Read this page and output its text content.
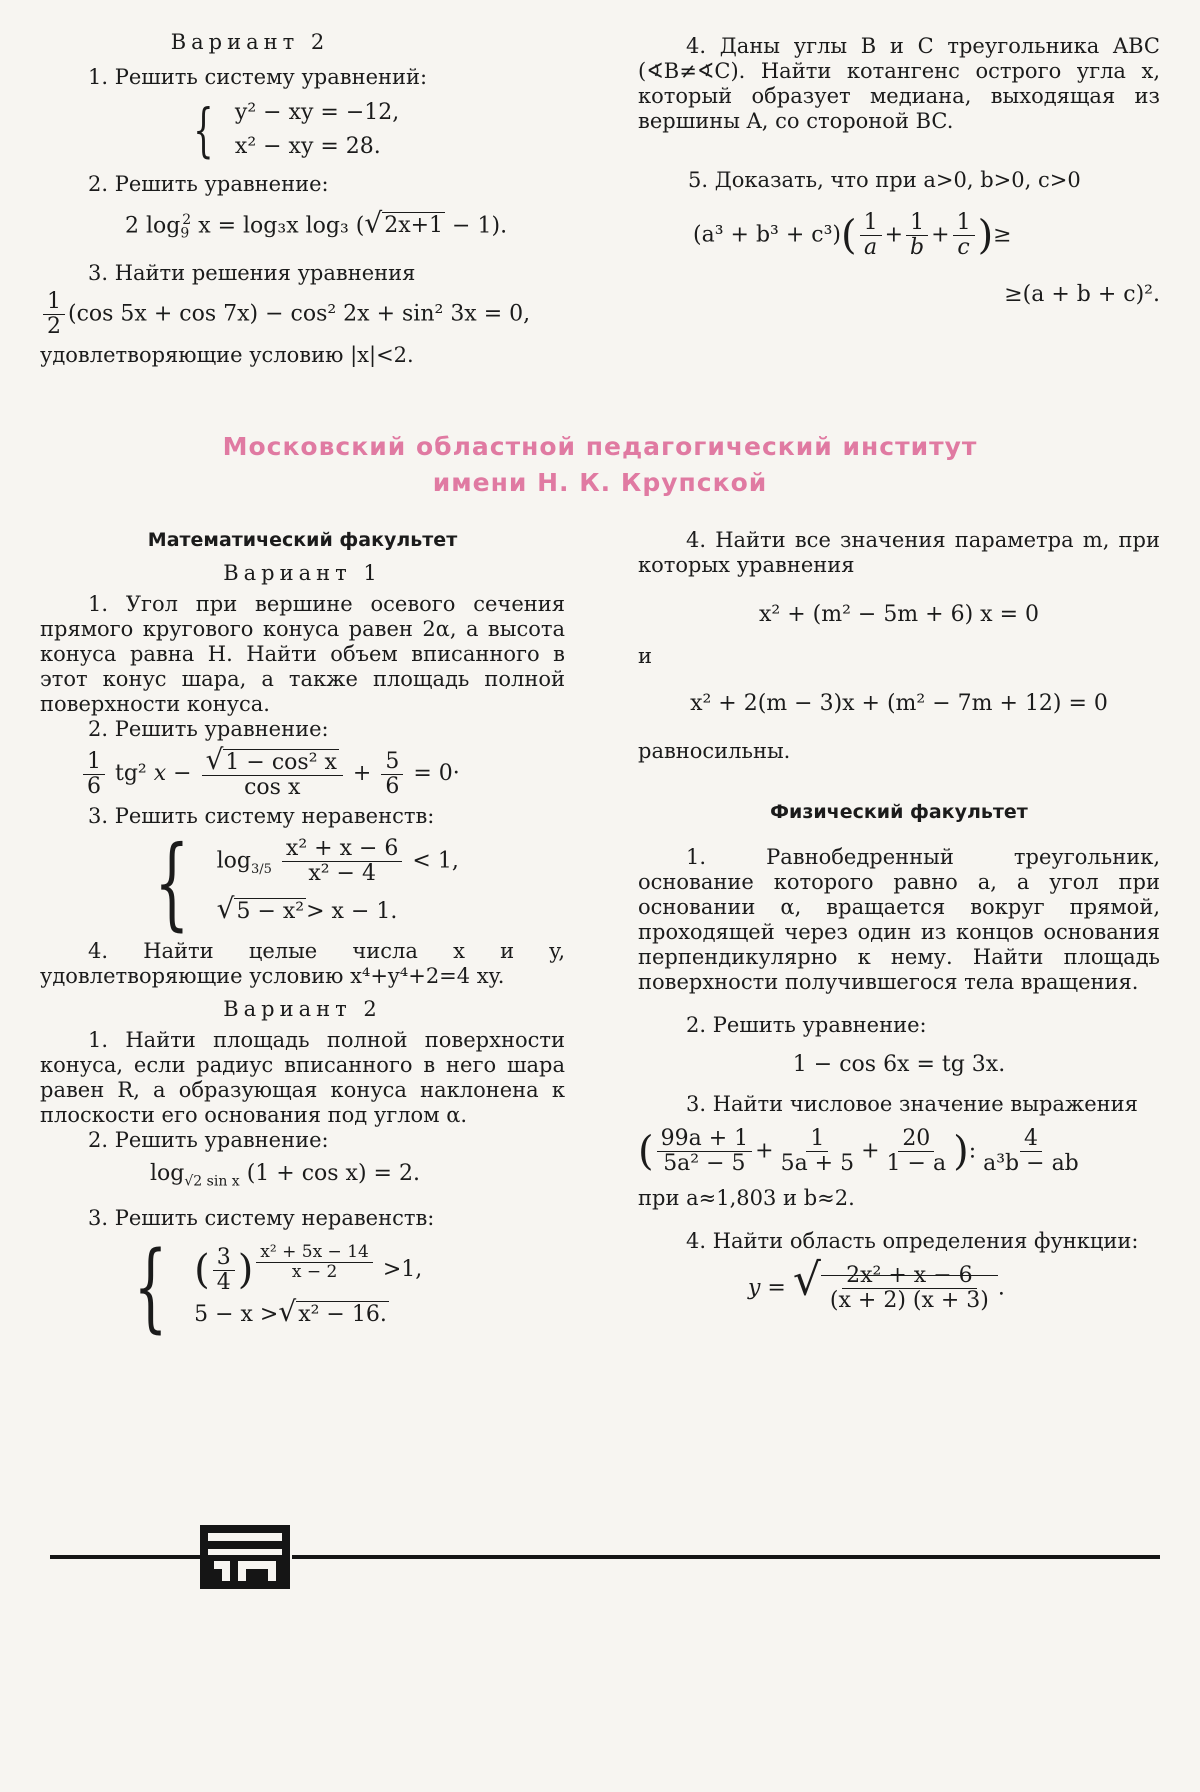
Вариант 2

1. Решить систему уравнений:

{ y² − xy = −12,
x² − xy = 28.

2. Решить уравнение:

2 $\log_9^2 x = \log_3x$ log₃ (√2x+1 − 1).

3. Найти решения уравнения

$\frac{1}{2} (\cos$ 5x + cos 7x) − cos² 2x + sin² 3x = 0,

удовлетворяющие условию |x|<2.

4. Даны углы B и C треугольника ABC (∢B≠∢C). Найти котангенс острого угла x, который образует медиана, выходящая из вершины A, со стороной BC.

5. Доказать, что при a>0, b>0, c>0

$(a^3 + b^3 + c^3)( \frac{1}{a} + \frac{1}{b} + \frac{1}{c}$ )≥

≥(a + b + c)².

Московский областной педагогический институт
имени Н. К. Крупской

Математический факультет

Вариант 1

1. Угол при вершине осевого сечения прямого кругового конуса равен 2α, а высота конуса равна H. Найти объем вписанного в этот конус шара, а также площадь полной поверхности конуса.

2. Решить уравнение:

$\frac{1}{6} tg^2$ $x - \frac{\text{√1 − cos² x}}{\text{cos x}} + \frac{5}{6} = 0\cdot$

3. Решить систему неравенств:

{ $\log_{3/5} \frac{\text{x² + x − 6}}{\text{x² − 4}} < 1$,
√5 − x²> x − 1.

4. Найти целые числа x и y, удовлетворяющие условию x⁴+y⁴+2=4 xy.

Вариант 2

1. Найти площадь полной поверхности конуса, если радиус вписанного в него шара равен R, а образующая конуса наклонена к плоскости его основания под углом α.

2. Решить уравнение:

$\log_{√2 sin x} (1 + \cos x) = 2$.

3. Решить систему неравенств:

{ ( $\frac{3}{4}$ ) $^{\frac{\text{x² + 5x − 14}}{x - 2}}$ >1,
5 − x >√x² − 16.

4. Найти все значения параметра m, при которых уравнения

x² + (m² − 5m + 6) x = 0

и

x² + 2(m − 3)x + (m² − 7m + 12) = 0

равносильны.

Физический факультет

1. Равнобедренный треугольник, основание которого равно a, а угол при основании α, вращается вокруг прямой, проходящей через один из концов основания перпендикулярно к нему. Найти площадь поверхности получившегося тела вращения.

2. Решить уравнение:

1 − cos 6x = tg 3x.

3. Найти числовое значение выражения

( $\frac{99a + 1}{\text{5a² − 5}} + \frac{1}{5a + 5} + \frac{20}{1 - a}$ ): $\frac{4}{\text{a³b − ab}}$

при a≈1,803 и b≈2.

4. Найти область определения функции:

y = √ $\frac{\text{2x² + x − 6}}{(x + 2) (x + 3)}$ .
